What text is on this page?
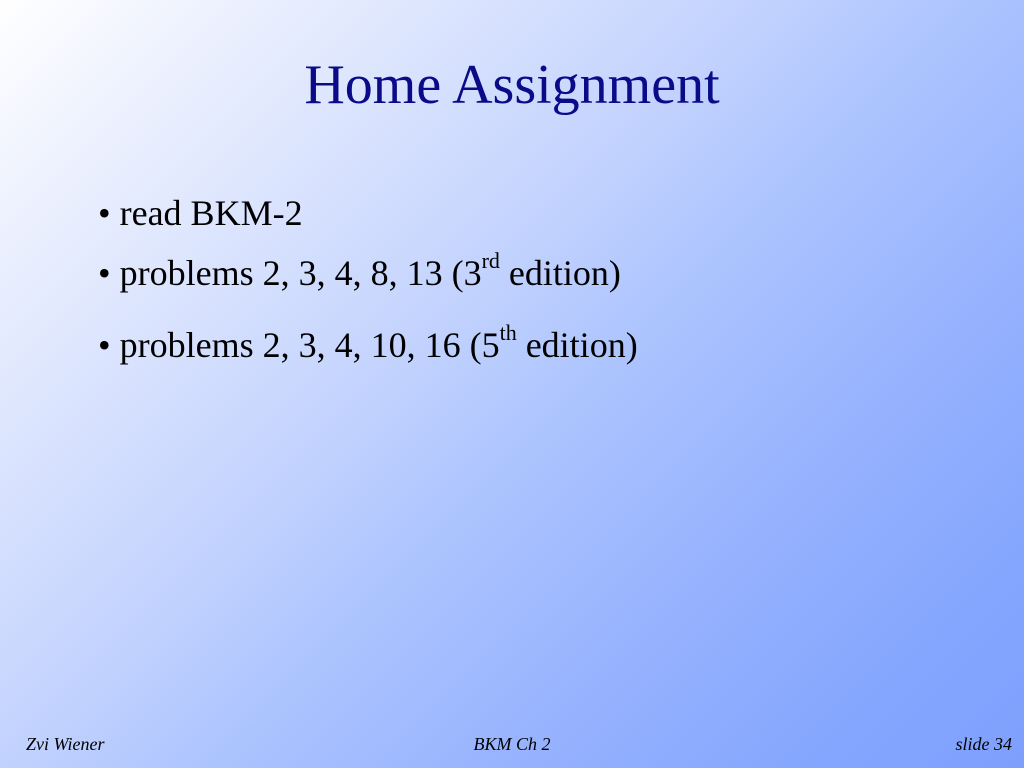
Home Assignment
• read BKM-2
• problems 2, 3, 4, 8, 13 (3rd edition)
• problems 2, 3, 4, 10, 16 (5th edition)
Zvi Wiener	BKM Ch 2	slide 34
